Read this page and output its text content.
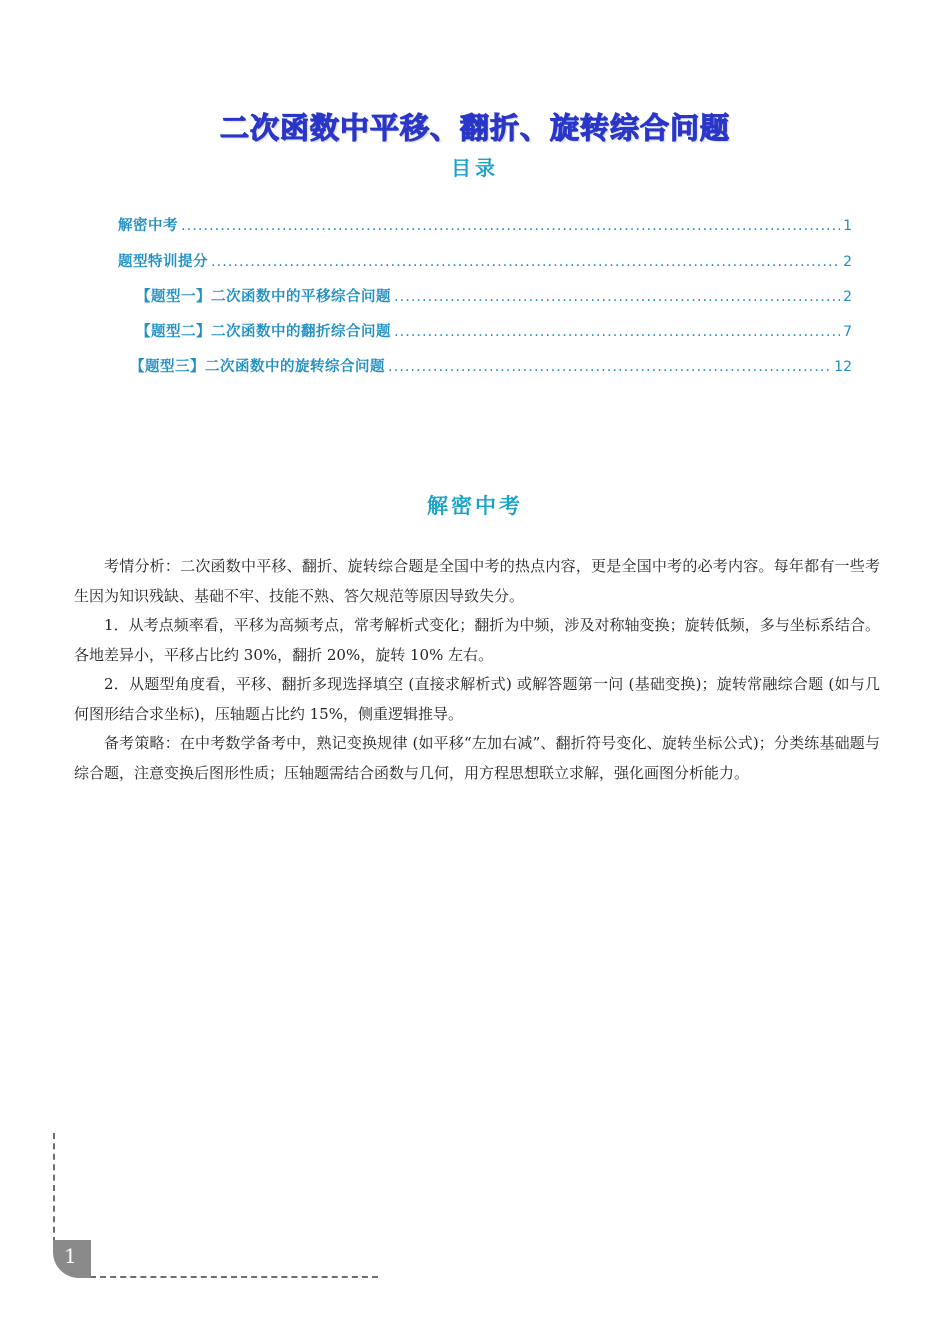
二次函数中平移、翻折、旋转综合问题
目录
解密中考 .....	1
题型特训提分 .....	2
【题型一】二次函数中的平移综合问题 .....	2
【题型二】二次函数中的翻折综合问题 .....	7
【题型三】二次函数中的旋转综合问题 .....	12
解密中考

考情分析：二次函数中平移、翻折、旋转综合题是全国中考的热点内容，更是全国中考的必考内容。每年都有一些考生因为知识残缺、基础不牢、技能不熟、答欠规范等原因导致失分。

1．从考点频率看，平移为高频考点，常考解析式变化；翻折为中频，涉及对称轴变换；旋转低频，多与坐标系结合。各地差异小，平移占比约 30%，翻折 20%，旋转 10% 左右。

2．从题型角度看，平移、翻折多现选择填空 (直接求解析式) 或解答题第一问 (基础变换)；旋转常融综合题 (如与几何图形结合求坐标)，压轴题占比约 15%，侧重逻辑推导。

备考策略：在中考数学备考中，熟记变换规律 (如平移“左加右减”、翻折符号变化、旋转坐标公式)；分类练基础题与综合题，注意变换后图形性质；压轴题需结合函数与几何，用方程思想联立求解，强化画图分析能力。

1
